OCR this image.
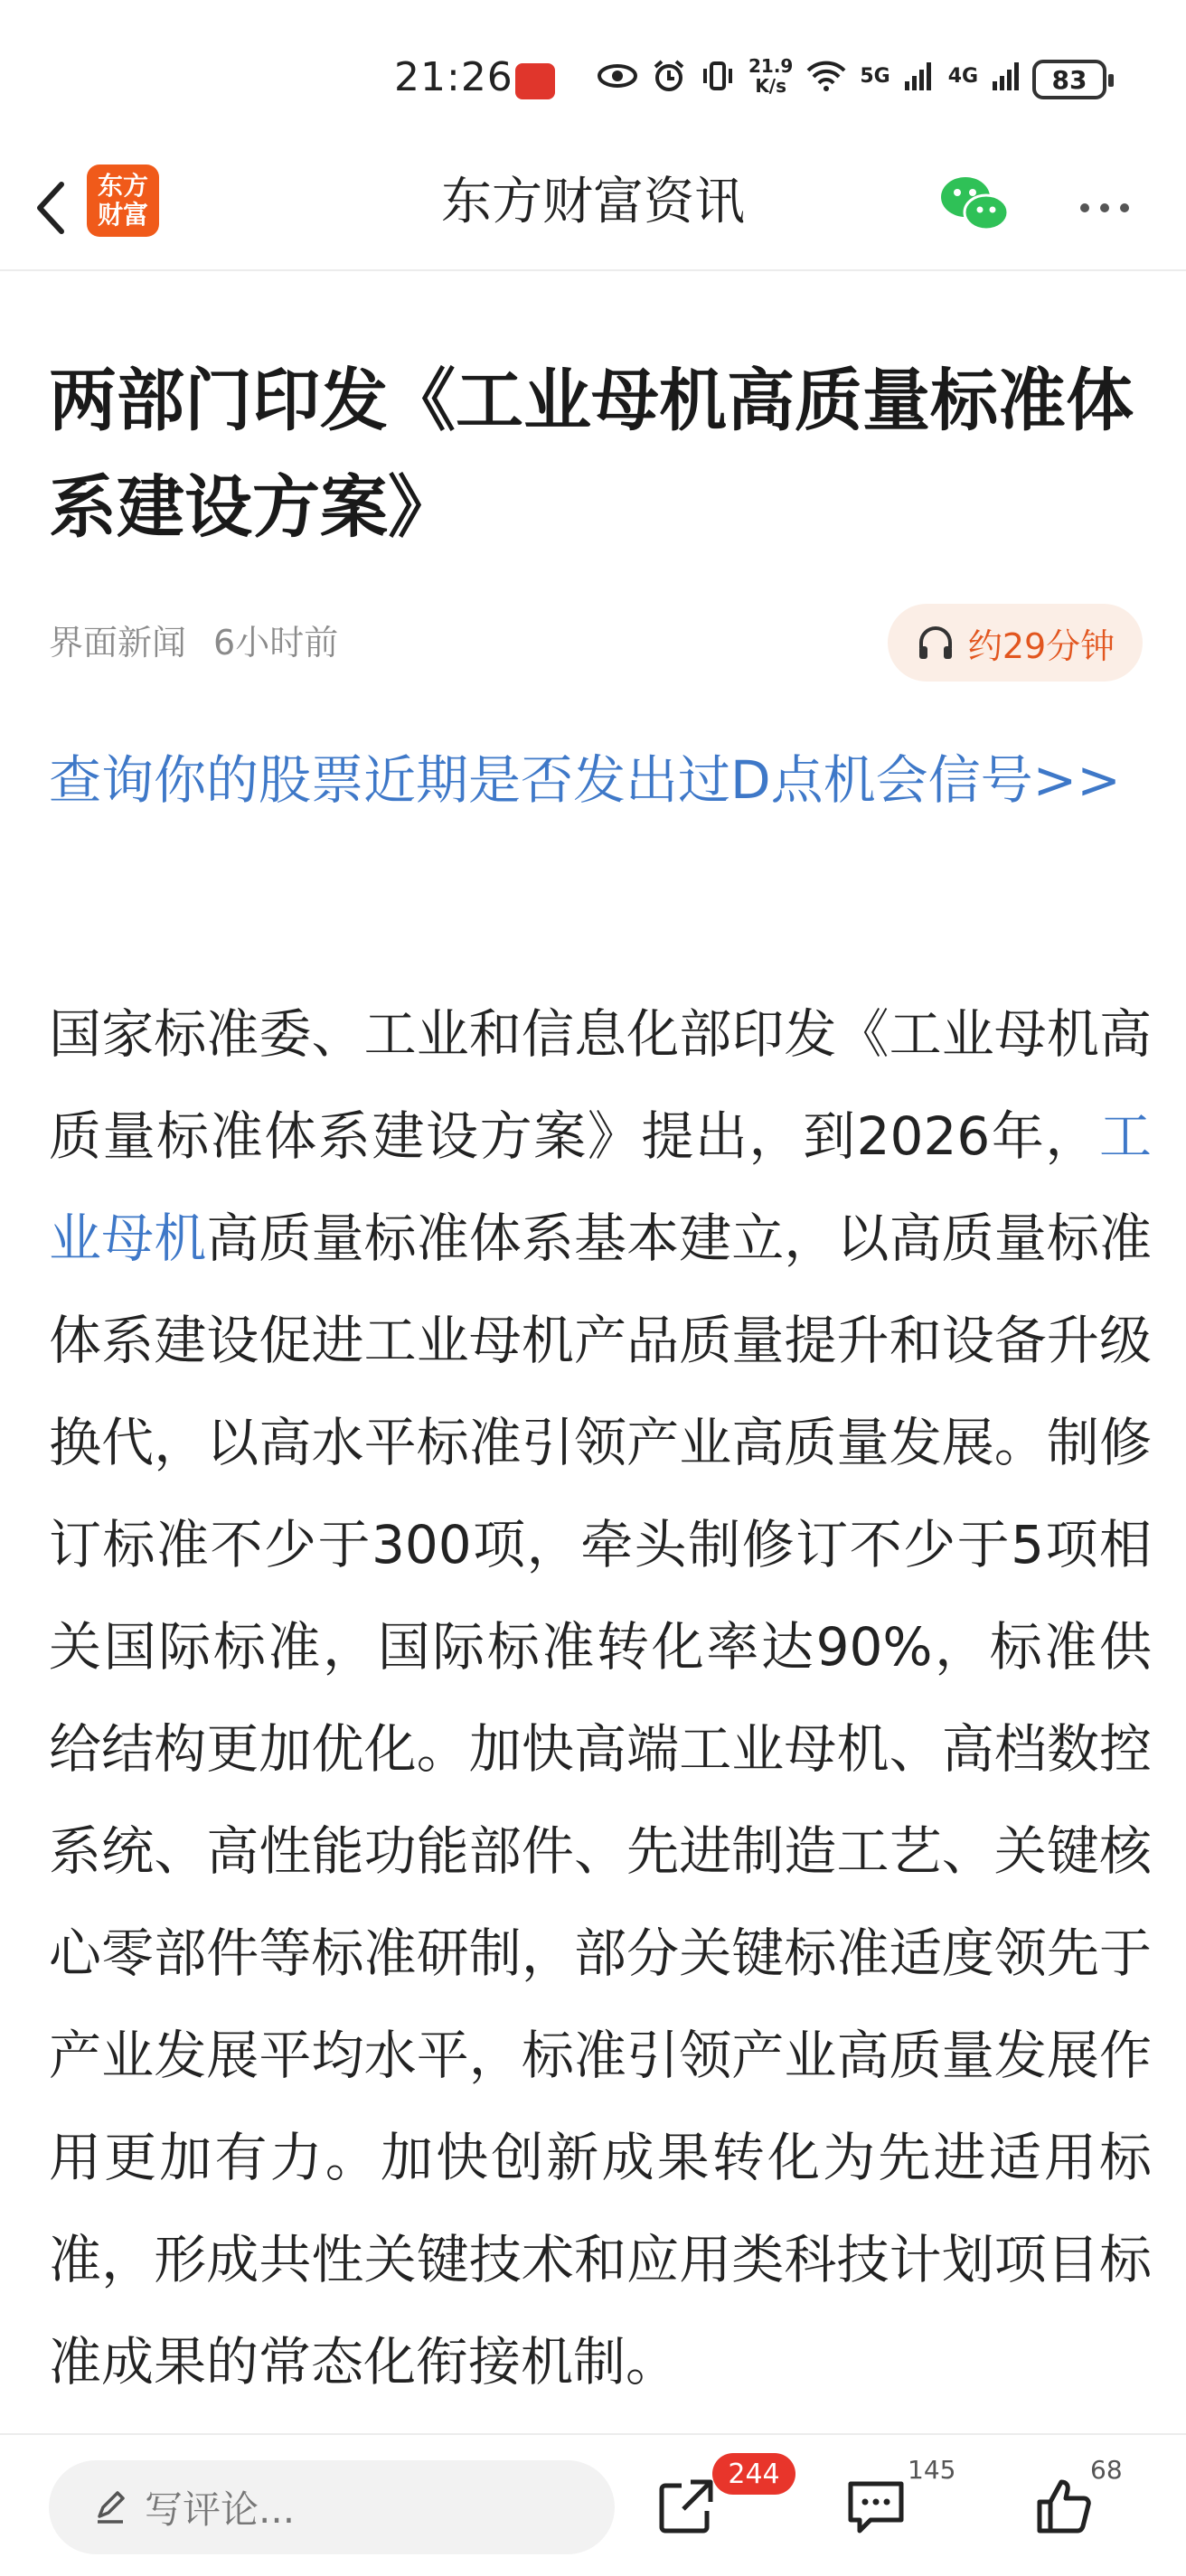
21:26	21.9
K/s	5G	4G	83
东方
财富	东方财富资讯
两部门印发《工业母机高质量标准体系建设方案》
界面新闻 6小时前	约29分钟
查询你的股票近期是否发出过D点机会信号>>
国家标准委、工业和信息化部印发《工业母机高质量标准体系建设方案》提出，到2026年，工业母机高质量标准体系基本建立，以高质量标准体系建设促进工业母机产品质量提升和设备升级换代，以高水平标准引领产业高质量发展。制修订标准不少于300项，牵头制修订不少于5项相关国际标准，国际标准转化率达90%，标准供给结构更加优化。加快高端工业母机、高档数控系统、高性能功能部件、先进制造工艺、关键核心零部件等标准研制，部分关键标准适度领先于产业发展平均水平，标准引领产业高质量发展作用更加有力。加快创新成果转化为先进适用标准，形成共性关键技术和应用类科技计划项目标准成果的常态化衔接机制。
写评论...
244	145	68
